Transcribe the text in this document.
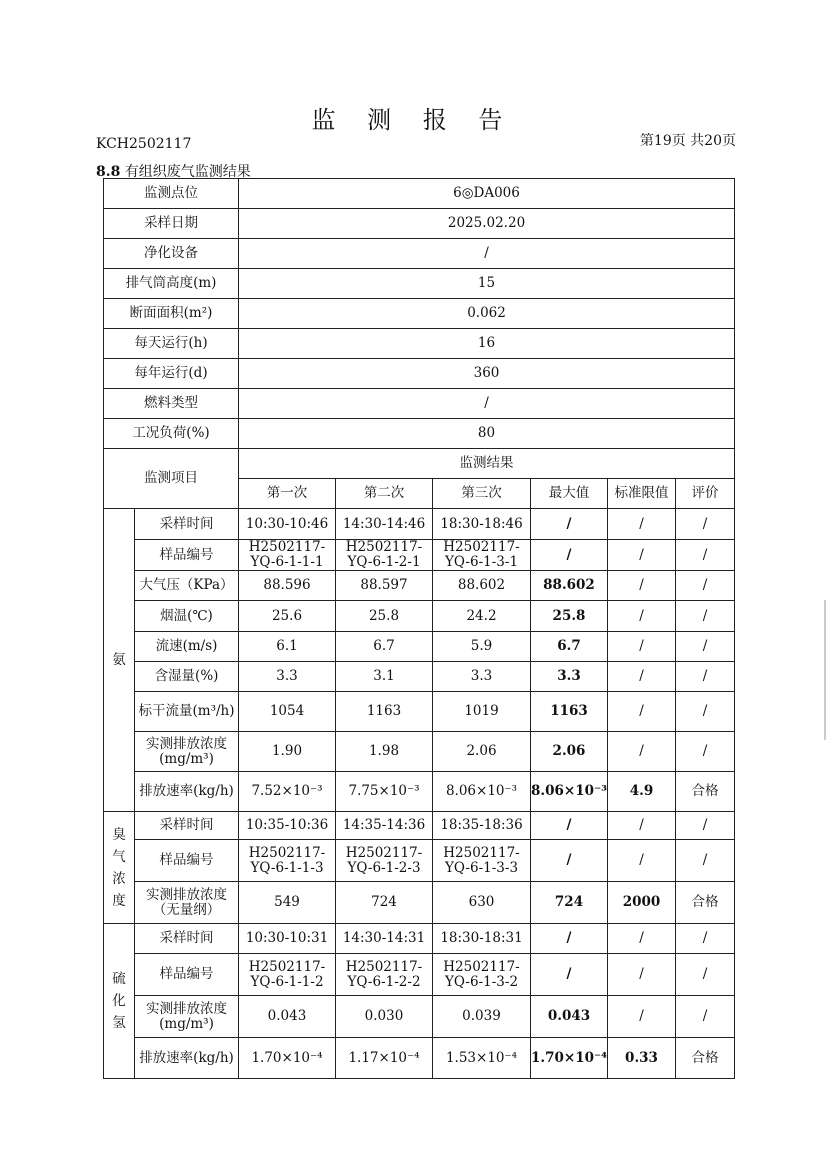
监 测 报 告
KCH2502117	第19页 共20页
8.8 有组织废气监测结果
监测点位		6◎DA006					
采样日期		2025.02.20					
净化设备		/					
排气筒高度(m)		15					
断面面积(m²)		0.062					
每天运行(h)		16					
每年运行(d)		360					
燃料类型		/					
工况负荷(%)		80					
监测项目		监测结果					
		第一次	第二次	第三次	最大值	标准限值	评价
氨	采样时间	10:30-10:46	14:30-14:46	18:30-18:46	/	/	/
	样品编号	H2502117-YQ-6-1-1-1	H2502117-YQ-6-1-2-1	H2502117-YQ-6-1-3-1	/	/	/
	大气压（KPa）	88.596	88.597	88.602	88.602	/	/
	烟温(℃)	25.6	25.8	24.2	25.8	/	/
	流速(m/s)	6.1	6.7	5.9	6.7	/	/
	含湿量(%)	3.3	3.1	3.3	3.3	/	/
	标干流量(m³/h)	1054	1163	1019	1163	/	/
	实测排放浓度(mg/m³)	1.90	1.98	2.06	2.06	/	/
	排放速率(kg/h)	7.52×10⁻³	7.75×10⁻³	8.06×10⁻³	8.06×10⁻³	4.9	合格
臭气浓度	采样时间	10:35-10:36	14:35-14:36	18:35-18:36	/	/	/
	样品编号	H2502117-YQ-6-1-1-3	H2502117-YQ-6-1-2-3	H2502117-YQ-6-1-3-3	/	/	/
	实测排放浓度（无量纲）	549	724	630	724	2000	合格
硫化氢	采样时间	10:30-10:31	14:30-14:31	18:30-18:31	/	/	/
	样品编号	H2502117-YQ-6-1-1-2	H2502117-YQ-6-1-2-2	H2502117-YQ-6-1-3-2	/	/	/
	实测排放浓度(mg/m³)	0.043	0.030	0.039	0.043	/	/
	排放速率(kg/h)	1.70×10⁻⁴	1.17×10⁻⁴	1.53×10⁻⁴	1.70×10⁻⁴	0.33	合格
